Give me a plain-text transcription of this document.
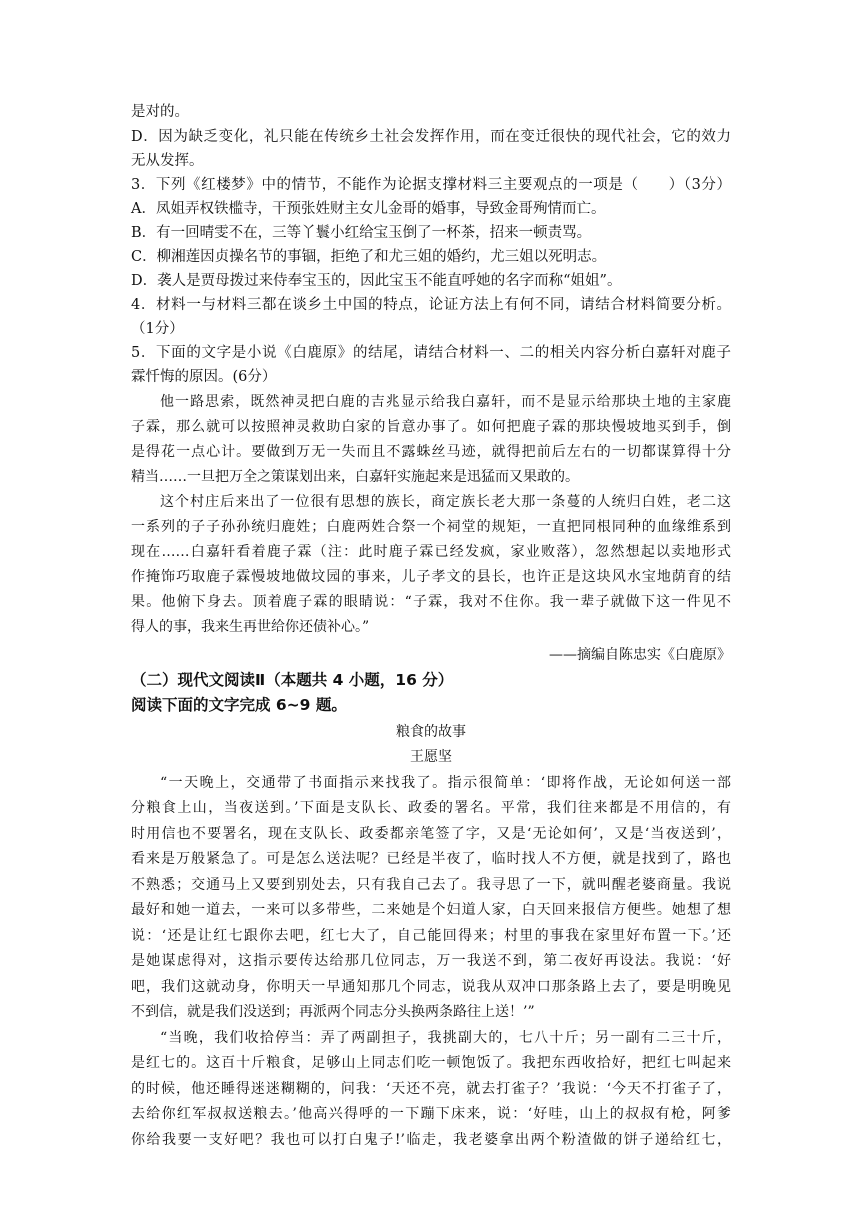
是对的。
D．因为缺乏变化，礼只能在传统乡土社会发挥作用，而在变迁很快的现代社会，它的效力
无从发挥。
3．下列《红楼梦》中的情节，不能作为论据支撑材料三主要观点的一项是（　　）（3分）
A．凤姐弄权铁槛寺，干预张姓财主女儿金哥的婚事，导致金哥殉情而亡。
B．有一回晴雯不在，三等丫鬟小红给宝玉倒了一杯茶，招来一顿责骂。
C．柳湘莲因贞操名节的事锢，拒绝了和尤三姐的婚约，尤三姐以死明志。
D．袭人是贾母拨过来侍奉宝玉的，因此宝玉不能直呼她的名字而称“姐姐”。
4．材料一与材料三都在谈乡土中国的特点，论证方法上有何不同，请结合材料简要分析。
（1分）
5．下面的文字是小说《白鹿原》的结尾，请结合材料一、二的相关内容分析白嘉轩对鹿子
霖忏悔的原因。(6分）
他一路思索，既然神灵把白鹿的吉兆显示给我白嘉轩，而不是显示给那块土地的主家鹿
子霖，那么就可以按照神灵救助白家的旨意办事了。如何把鹿子霖的那块慢坡地买到手，倒
是得花一点心计。要做到万无一失而且不露蛛丝马迹，就得把前后左右的一切都谋算得十分
精当……一旦把万全之策谋划出来，白嘉轩实施起来是迅猛而又果敢的。
这个村庄后来出了一位很有思想的族长，商定族长老大那一条蔓的人统归白姓，老二这
一系列的子子孙孙统归鹿姓；白鹿两姓合祭一个祠堂的规矩，一直把同根同种的血缘维系到
现在……白嘉轩看着鹿子霖（注：此时鹿子霖已经发疯，家业败落），忽然想起以卖地形式
作掩饰巧取鹿子霖慢坡地做坟园的事来，儿子孝文的县长，也许正是这块风水宝地荫育的结
果。他俯下身去。顶着鹿子霖的眼睛说：“子霖，我对不住你。我一辈子就做下这一件见不
得人的事，我来生再世给你还债补心。”
——摘编自陈忠实《白鹿原》
（二）现代文阅读Ⅱ（本题共 4 小题，16 分）
阅读下面的文字完成 6~9 题。
粮食的故事
王愿坚
“一天晚上，交通带了书面指示来找我了。指示很简单：‘即将作战，无论如何送一部
分粮食上山，当夜送到。’下面是支队长、政委的署名。平常，我们往来都是不用信的，有
时用信也不要署名，现在支队长、政委都亲笔签了字，又是‘无论如何’，又是‘当夜送到’，
看来是万般紧急了。可是怎么送法呢？已经是半夜了，临时找人不方便，就是找到了，路也
不熟悉；交通马上又要到别处去，只有我自己去了。我寻思了一下，就叫醒老婆商量。我说
最好和她一道去，一来可以多带些，二来她是个妇道人家，白天回来报信方便些。她想了想
说：‘还是让红七跟你去吧，红七大了，自己能回得来；村里的事我在家里好布置一下。’还
是她谋虑得对，这指示要传达给那几位同志，万一我送不到，第二夜好再设法。我说：‘好
吧，我们这就动身，你明天一早通知那几个同志，说我从双冲口那条路上去了，要是明晚见
不到信，就是我们没送到；再派两个同志分头换两条路往上送！’”
“当晚，我们收拾停当：弄了两副担子，我挑副大的，七八十斤；另一副有二三十斤，
是红七的。这百十斤粮食，足够山上同志们吃一顿饱饭了。我把东西收拾好，把红七叫起来
的时候，他还睡得迷迷糊糊的，问我：‘天还不亮，就去打雀子？’我说：‘今天不打雀子了，
去给你红军叔叔送粮去。’他高兴得呼的一下蹦下床来，说：‘好哇，山上的叔叔有枪，阿爹
你给我要一支好吧？我也可以打白鬼子!’临走，我老婆拿出两个粉渣做的饼子递给红七，
